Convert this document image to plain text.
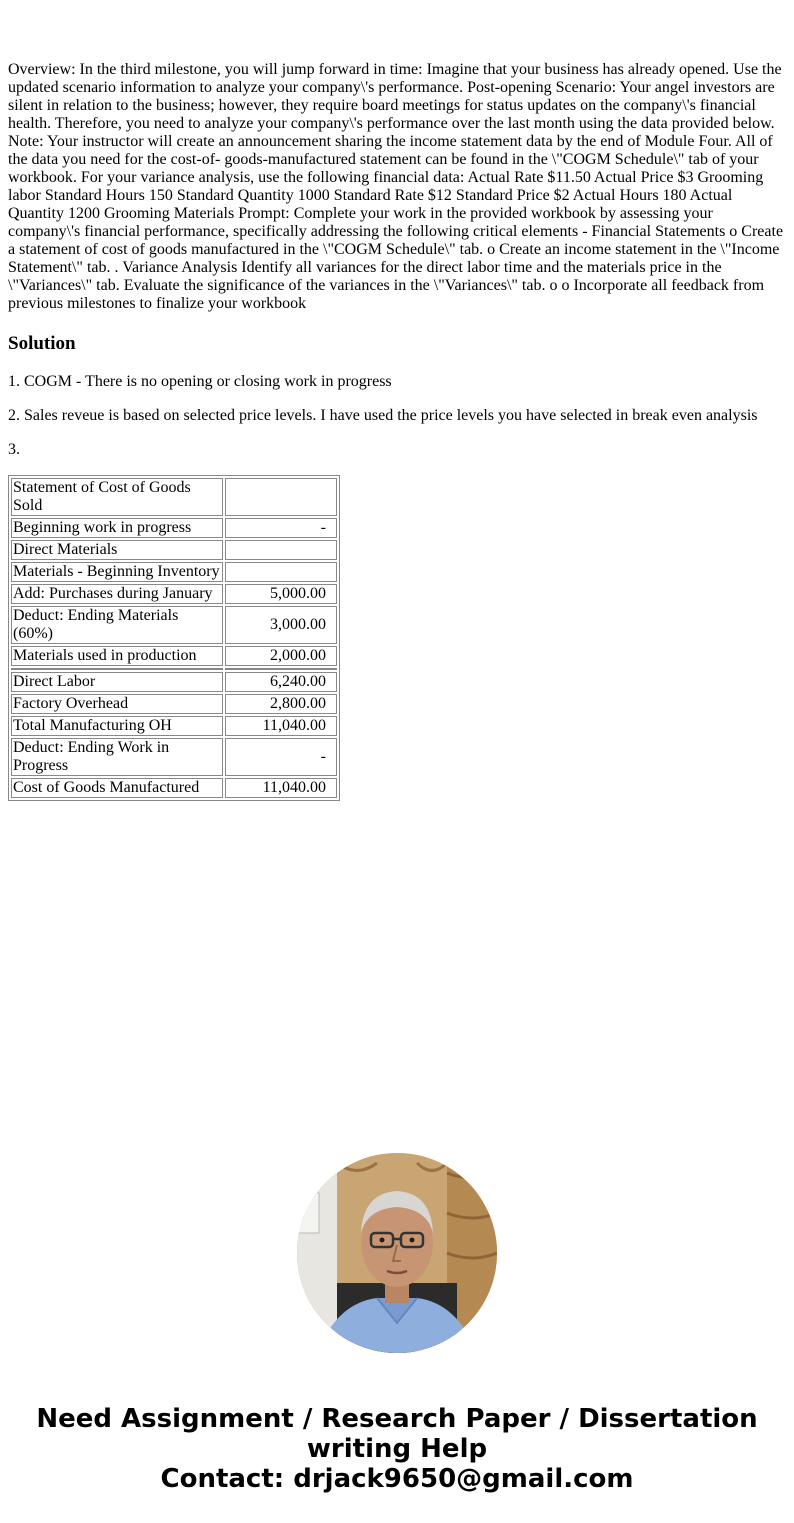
Overview: In the third milestone, you will jump forward in time: Imagine that your business has already opened. Use the updated scenario information to analyze your company\'s performance. Post-opening Scenario: Your angel investors are silent in relation to the business; however, they require board meetings for status updates on the company\'s financial health. Therefore, you need to analyze your company\'s performance over the last month using the data provided below. Note: Your instructor will create an announcement sharing the income statement data by the end of Module Four. All of the data you need for the cost-of- goods-manufactured statement can be found in the \"COGM Schedule\" tab of your workbook. For your variance analysis, use the following financial data: Actual Rate $11.50 Actual Price $3 Grooming labor Standard Hours 150 Standard Quantity 1000 Standard Rate $12 Standard Price $2 Actual Hours 180 Actual Quantity 1200 Grooming Materials Prompt: Complete your work in the provided workbook by assessing your company\'s financial performance, specifically addressing the following critical elements - Financial Statements o Create a statement of cost of goods manufactured in the \"COGM Schedule\" tab. o Create an income statement in the \"Income Statement\" tab. . Variance Analysis Identify all variances for the direct labor time and the materials price in the \"Variances\" tab. Evaluate the significance of the variances in the \"Variances\" tab. o o Incorporate all feedback from previous milestones to finalize your workbook

Solution

1. COGM - There is no opening or closing work in progress

2. Sales reveue is based on selected price levels. I have used the price levels you have selected in break even analysis

3.

Statement of Cost of Goods Sold	
Beginning work in progress	-
Direct Materials	
Materials - Beginning Inventory	
Add: Purchases during January	5,000.00
Deduct: Ending Materials (60%)	3,000.00
Materials used in production	2,000.00

Direct Labor	6,240.00
Factory Overhead	2,800.00
Total Manufacturing OH	11,040.00
Deduct: Ending Work in Progress	-
Cost of Goods Manufactured	11,040.00
Need Assignment / Research Paper / Dissertation
writing Help
Contact: drjack9650@gmail.com
